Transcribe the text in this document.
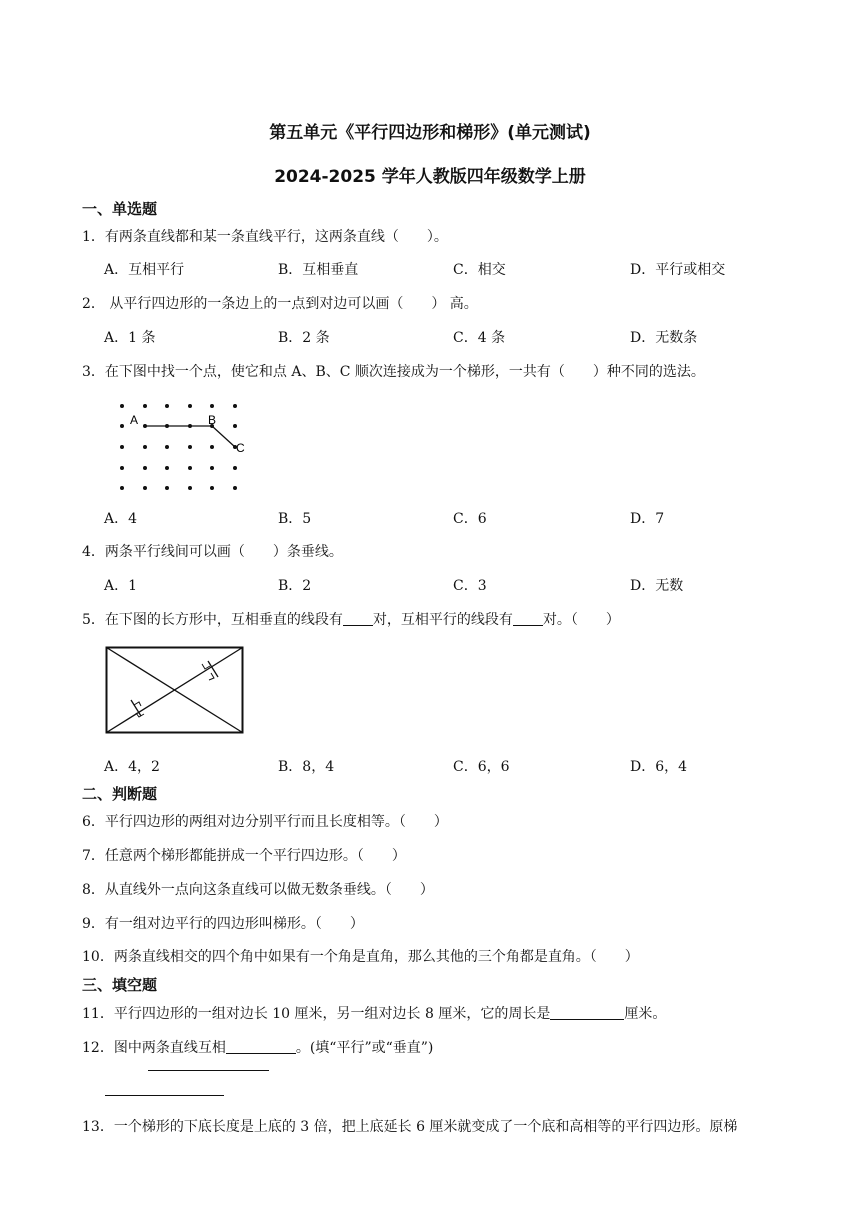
第五单元《平行四边形和梯形》(单元测试)
2024-2025 学年人教版四年级数学上册
一、单选题
1．有两条直线都和某一条直线平行，这两条直线（　　）。
A．互相平行	B．互相垂直	C．相交	D．平行或相交
2． 从平行四边形的一条边上的一点到对边可以画（　　） 高。
A．1 条	B．2 条	C．4 条	D．无数条
3．在下图中找一个点，使它和点 A、B、C 顺次连接成为一个梯形，一共有（　　）种不同的选法。
A	B
C
A．4	B．5	C．6	D．7
4．两条平行线间可以画（　　）条垂线。
A．1	B．2	C．3	D．无数
5．在下图的长方形中，互相垂直的线段有 对，互相平行的线段有 对。（　　）
A．4，2	B．8，4	C．6，6	D．6，4
二、判断题
6．平行四边形的两组对边分别平行而且长度相等。（　　）
7．任意两个梯形都能拼成一个平行四边形。（　　）
8．从直线外一点向这条直线可以做无数条垂线。（　　）
9．有一组对边平行的四边形叫梯形。（　　）
10．两条直线相交的四个角中如果有一个角是直角，那么其他的三个角都是直角。（　　）
三、填空题
11．平行四边形的一组对边长 10 厘米，另一组对边长 8 厘米，它的周长是	厘米。
12．图中两条直线互相	。(填“平行”或“垂直”)
13．一个梯形的下底长度是上底的 3 倍，把上底延长 6 厘米就变成了一个底和高相等的平行四边形。原梯
